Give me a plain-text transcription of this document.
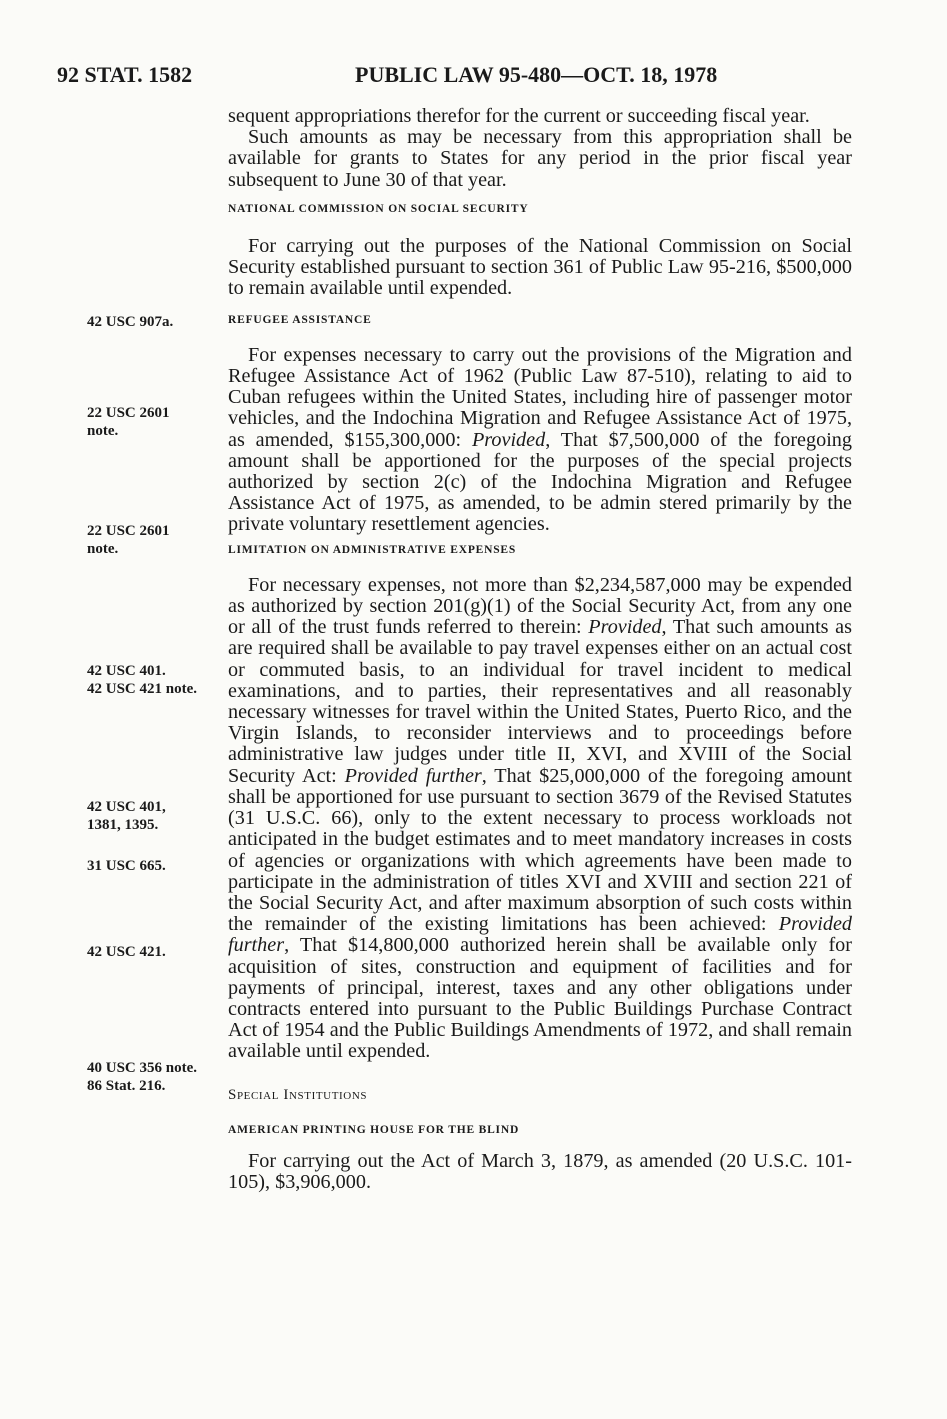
92 STAT. 1582	PUBLIC LAW 95-480—OCT. 18, 1978

sequent appropriations therefor for the current or succeeding fiscal year.

Such amounts as may be necessary from this appropriation shall be available for grants to States for any period in the prior fiscal year subsequent to June 30 of that year.

NATIONAL COMMISSION ON SOCIAL SECURITY

For carrying out the purposes of the National Commission on Social Security established pursuant to section 361 of Public Law 95-216, $500,000 to remain available until expended.

REFUGEE ASSISTANCE

For expenses necessary to carry out the provisions of the Migration and Refugee Assistance Act of 1962 (Public Law 87-510), relating to aid to Cuban refugees within the United States, including hire of passenger motor vehicles, and the Indochina Migration and Refugee Assistance Act of 1975, as amended, $155,300,000: Provided, That $7,500,000 of the foregoing amount shall be apportioned for the purposes of the special projects authorized by section 2(c) of the Indochina Migration and Refugee Assistance Act of 1975, as amended, to be admin stered primarily by the private voluntary resettlement agencies.

LIMITATION ON ADMINISTRATIVE EXPENSES

For necessary expenses, not more than $2,234,587,000 may be expended as authorized by section 201(g)(1) of the Social Security Act, from any one or all of the trust funds referred to therein: Provided, That such amounts as are required shall be available to pay travel expenses either on an actual cost or commuted basis, to an individual for travel incident to medical examinations, and to parties, their representatives and all reasonably necessary witnesses for travel within the United States, Puerto Rico, and the Virgin Islands, to reconsider interviews and to proceedings before administrative law judges under title II, XVI, and XVIII of the Social Security Act: Provided further, That $25,000,000 of the foregoing amount shall be apportioned for use pursuant to section 3679 of the Revised Statutes (31 U.S.C. 66), only to the extent necessary to process workloads not anticipated in the budget estimates and to meet mandatory increases in costs of agencies or organizations with which agreements have been made to participate in the administration of titles XVI and XVIII and section 221 of the Social Security Act, and after maximum absorption of such costs within the remainder of the existing limitations has been achieved: Provided further, That $14,800,000 authorized herein shall be available only for acquisition of sites, construction and equipment of facilities and for payments of principal, interest, taxes and any other obligations under contracts entered into pursuant to the Public Buildings Purchase Contract Act of 1954 and the Public Buildings Amendments of 1972, and shall remain available until expended.

Special Institutions

AMERICAN PRINTING HOUSE FOR THE BLIND

For carrying out the Act of March 3, 1879, as amended (20 U.S.C. 101-105), $3,906,000.

42 USC 907a.
22 USC 2601
note.
22 USC 2601
note.
42 USC 401.
42 USC 421 note.
42 USC 401,
1381, 1395.
31 USC 665.
42 USC 421.
40 USC 356 note.
86 Stat. 216.
